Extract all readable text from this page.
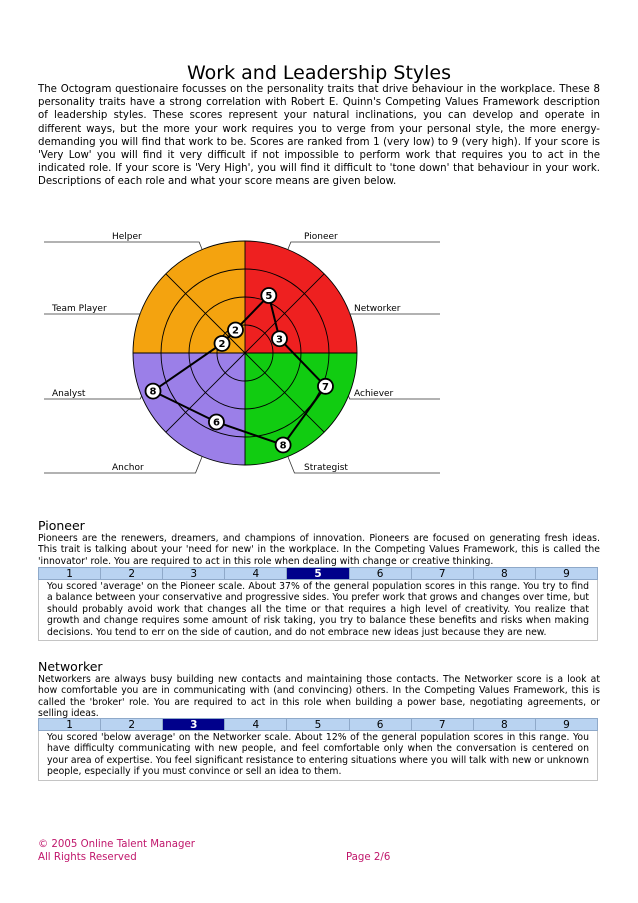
Work and Leadership Styles
The Octogram questionaire focusses on the personality traits that drive behaviour in the workplace. These 8 personality traits have a strong correlation with Robert E. Quinn's Competing Values Framework description of leadership styles. These scores represent your natural inclinations, you can develop and operate in different ways, but the more your work requires you to verge from your personal style, the more energy-demanding you will find that work to be. Scores are ranked from 1 (very low) to 9 (very high). If your score is 'Very Low' you will find it very difficult if not impossible to perform work that requires you to act in the indicated role. If your score is 'Very High', you will find it difficult to 'tone down' that behaviour in your work. Descriptions of each role and what your score means are given below.
Pioneer
Networker
Achiever
Strategist
Anchor
Analyst
Team Player
Helper
5
3
7
8
6
8
2
2
Pioneer
Pioneers are the renewers, dreamers, and champions of innovation. Pioneers are focused on generating fresh ideas. This trait is talking about your 'need for new' in the workplace. In the Competing Values Framework, this is called the 'innovator' role. You are required to act in this role when dealing with change or creative thinking.
1	2	3	4	5	6	7	8	9
You scored 'average' on the Pioneer scale. About 37% of the general population scores in this range. You try to find a balance between your conservative and progressive sides. You prefer work that grows and changes over time, but should probably avoid work that changes all the time or that requires a high level of creativity. You realize that growth and change requires some amount of risk taking, you try to balance these benefits and risks when making decisions. You tend to err on the side of caution, and do not embrace new ideas just because they are new.
Networker
Networkers are always busy building new contacts and maintaining those contacts. The Networker score is a look at how comfortable you are in communicating with (and convincing) others. In the Competing Values Framework, this is called the 'broker' role. You are required to act in this role when building a power base, negotiating agreements, or selling ideas.
1	2	3	4	5	6	7	8	9
You scored 'below average' on the Networker scale. About 12% of the general population scores in this range. You have difficulty communicating with new people, and feel comfortable only when the conversation is centered on your area of expertise. You feel significant resistance to entering situations where you will talk with new or unknown people, especially if you must convince or sell an idea to them.
© 2005 Online Talent Manager
All Rights Reserved	Page 2/6
